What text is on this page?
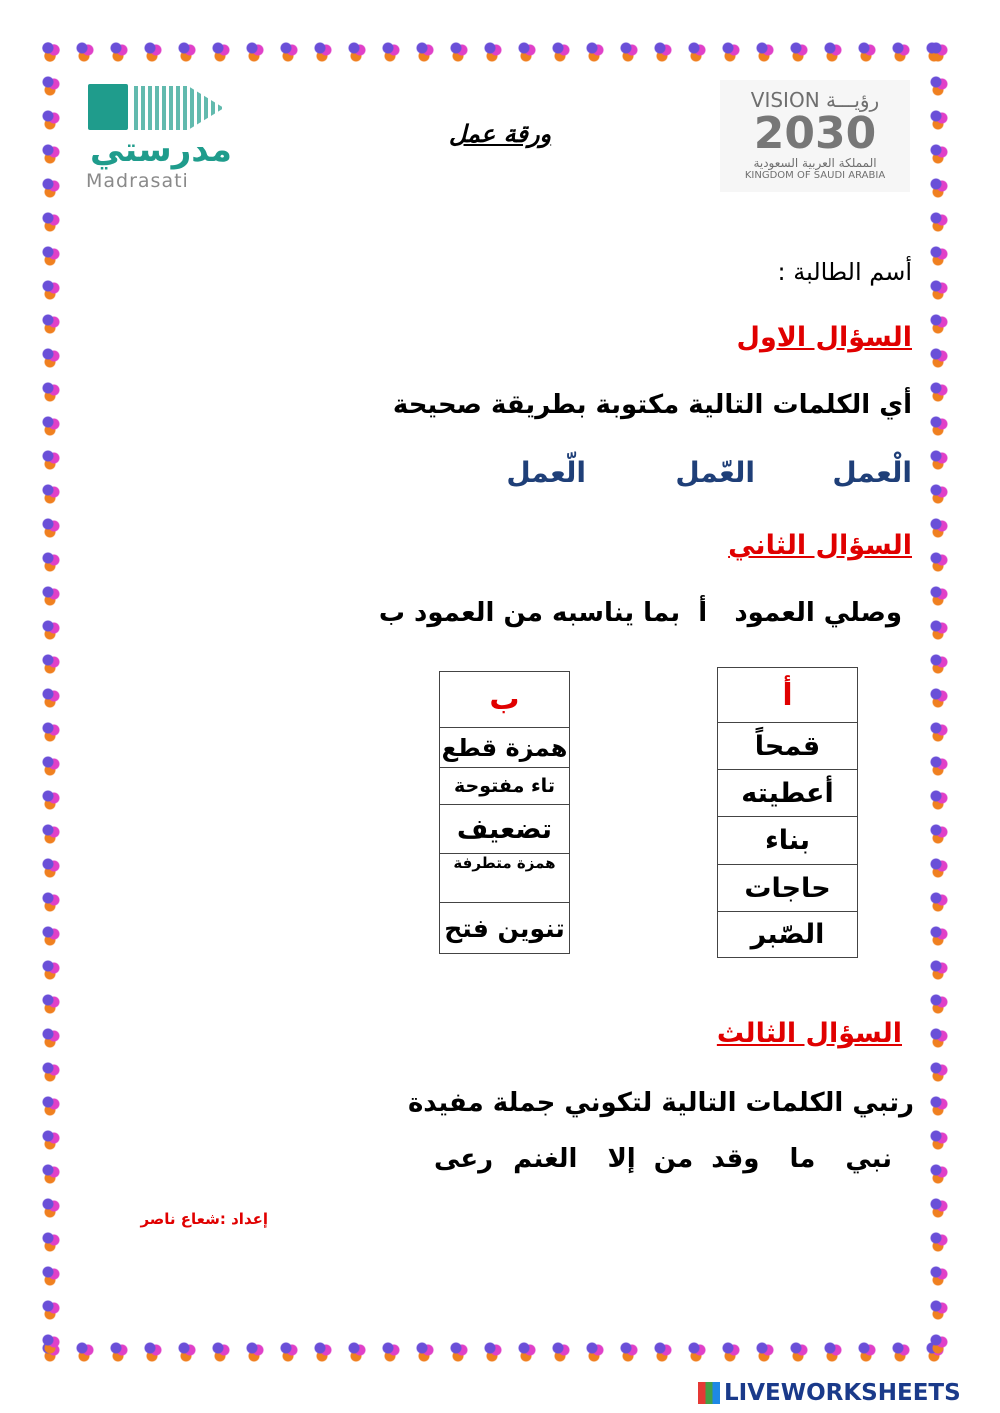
مدرستي
Madrasati
ورقة عمل
VISION رؤيـــة
2030
المملكة العربية السعودية
KINGDOM OF SAUDI ARABIA
أسم الطالبة :
السؤال الاول
أي الكلمات التالية مكتوبة بطريقة صحيحة
الْعمل
العّمل
الّعمل
السؤال الثاني
وصلي العمود   أ  بما يناسبه من العمود ب
ب
همزة قطع
تاء مفتوحة
تضعيف
همزة متطرفة
تنوين فتح
أ
قمحاً
أعطيته
بناء
حاجات
الصّبر
السؤال الثالث
رتبي الكلمات التالية لتكوني جملة مفيدة
نبي
ما
وقد
من
إلا
الغنم
رعى
إعداد :شعاع ناصر
LIVEWORKSHEETS
